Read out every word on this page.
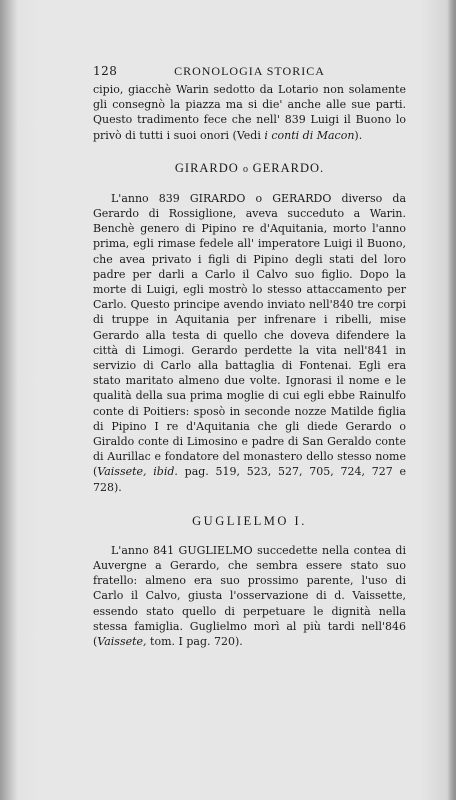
128	CRONOLOGIA STORICA

cipio, giacchè Warin sedotto da Lotario non solamente gli consegnò la piazza ma si die' anche alle sue parti. Questo tradimento fece che nell' 839 Luigi il Buono lo privò di tutti i suoi onori (Vedi i conti di Macon).

GIRARDO o GERARDO.

L'anno 839 GIRARDO o GERARDO diverso da Gerardo di Rossiglione, aveva succeduto a Warin. Benchè genero di Pipino re d'Aquitania, morto l'anno prima, egli rimase fedele all' imperatore Luigi il Buono, che avea privato i figli di Pipino degli stati del loro padre per darli a Carlo il Calvo suo figlio. Dopo la morte di Luigi, egli mostrò lo stesso attaccamento per Carlo. Questo principe avendo inviato nell'840 tre corpi di truppe in Aquitania per infrenare i ribelli, mise Gerardo alla testa di quello che doveva difendere la città di Limogi. Gerardo perdette la vita nell'841 in servizio di Carlo alla battaglia di Fontenai. Egli era stato maritato almeno due volte. Ignorasi il nome e le qualità della sua prima moglie di cui egli ebbe Rainulfo conte di Poitiers: sposò in seconde nozze Matilde figlia di Pipino I re d'Aquitania che gli diede Gerardo o Giraldo conte di Limosino e padre di San Geraldo conte di Aurillac e fondatore del monastero dello stesso nome (Vaissete, ibid. pag. 519, 523, 527, 705, 724, 727 e 728).

GUGLIELMO I.

L'anno 841 GUGLIELMO succedette nella contea di Auvergne a Gerardo, che sembra essere stato suo fratello: almeno era suo prossimo parente, l'uso di Carlo il Calvo, giusta l'osservazione di d. Vaissette, essendo stato quello di perpetuare le dignità nella stessa famiglia. Guglielmo morì al più tardi nell'846 (Vaissete, tom. I pag. 720).
